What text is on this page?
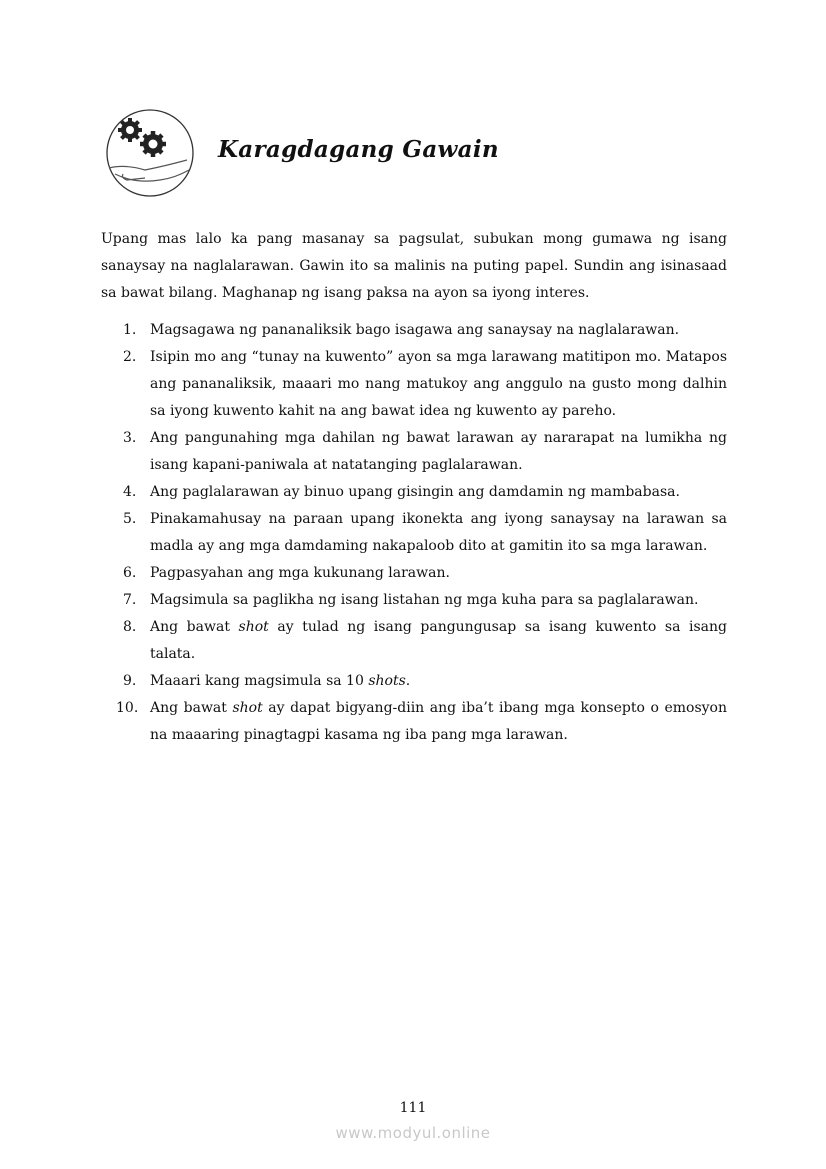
Karagdagang Gawain

Upang mas lalo ka pang masanay sa pagsulat, subukan mong gumawa ng isang sanaysay na naglalarawan. Gawin ito sa malinis na puting papel. Sundin ang isinasaad sa bawat bilang. Maghanap ng isang paksa na ayon sa iyong interes.

1. Magsagawa ng pananaliksik bago isagawa ang sanaysay na naglalarawan.
2. Isipin mo ang “tunay na kuwento” ayon sa mga larawang matitipon mo. Matapos ang pananaliksik, maaari mo nang matukoy ang anggulo na gusto mong dalhin sa iyong kuwento kahit na ang bawat idea ng kuwento ay pareho.
3. Ang pangunahing mga dahilan ng bawat larawan ay nararapat na lumikha ng isang kapani-paniwala at natatanging paglalarawan.
4. Ang paglalarawan ay binuo upang gisingin ang damdamin ng mambabasa.
5. Pinakamahusay na paraan upang ikonekta ang iyong sanaysay na larawan sa madla ay ang mga damdaming nakapaloob dito at gamitin ito sa mga larawan.
6. Pagpasyahan ang mga kukunang larawan.
7. Magsimula sa paglikha ng isang listahan ng mga kuha para sa paglalarawan.
8. Ang bawat shot ay tulad ng isang pangungusap sa isang kuwento sa isang talata.
9. Maaari kang magsimula sa 10 shots.
10. Ang bawat shot ay dapat bigyang-diin ang iba’t ibang mga konsepto o emosyon na maaaring pinagtagpi kasama ng iba pang mga larawan.
111
www.modyul.online
